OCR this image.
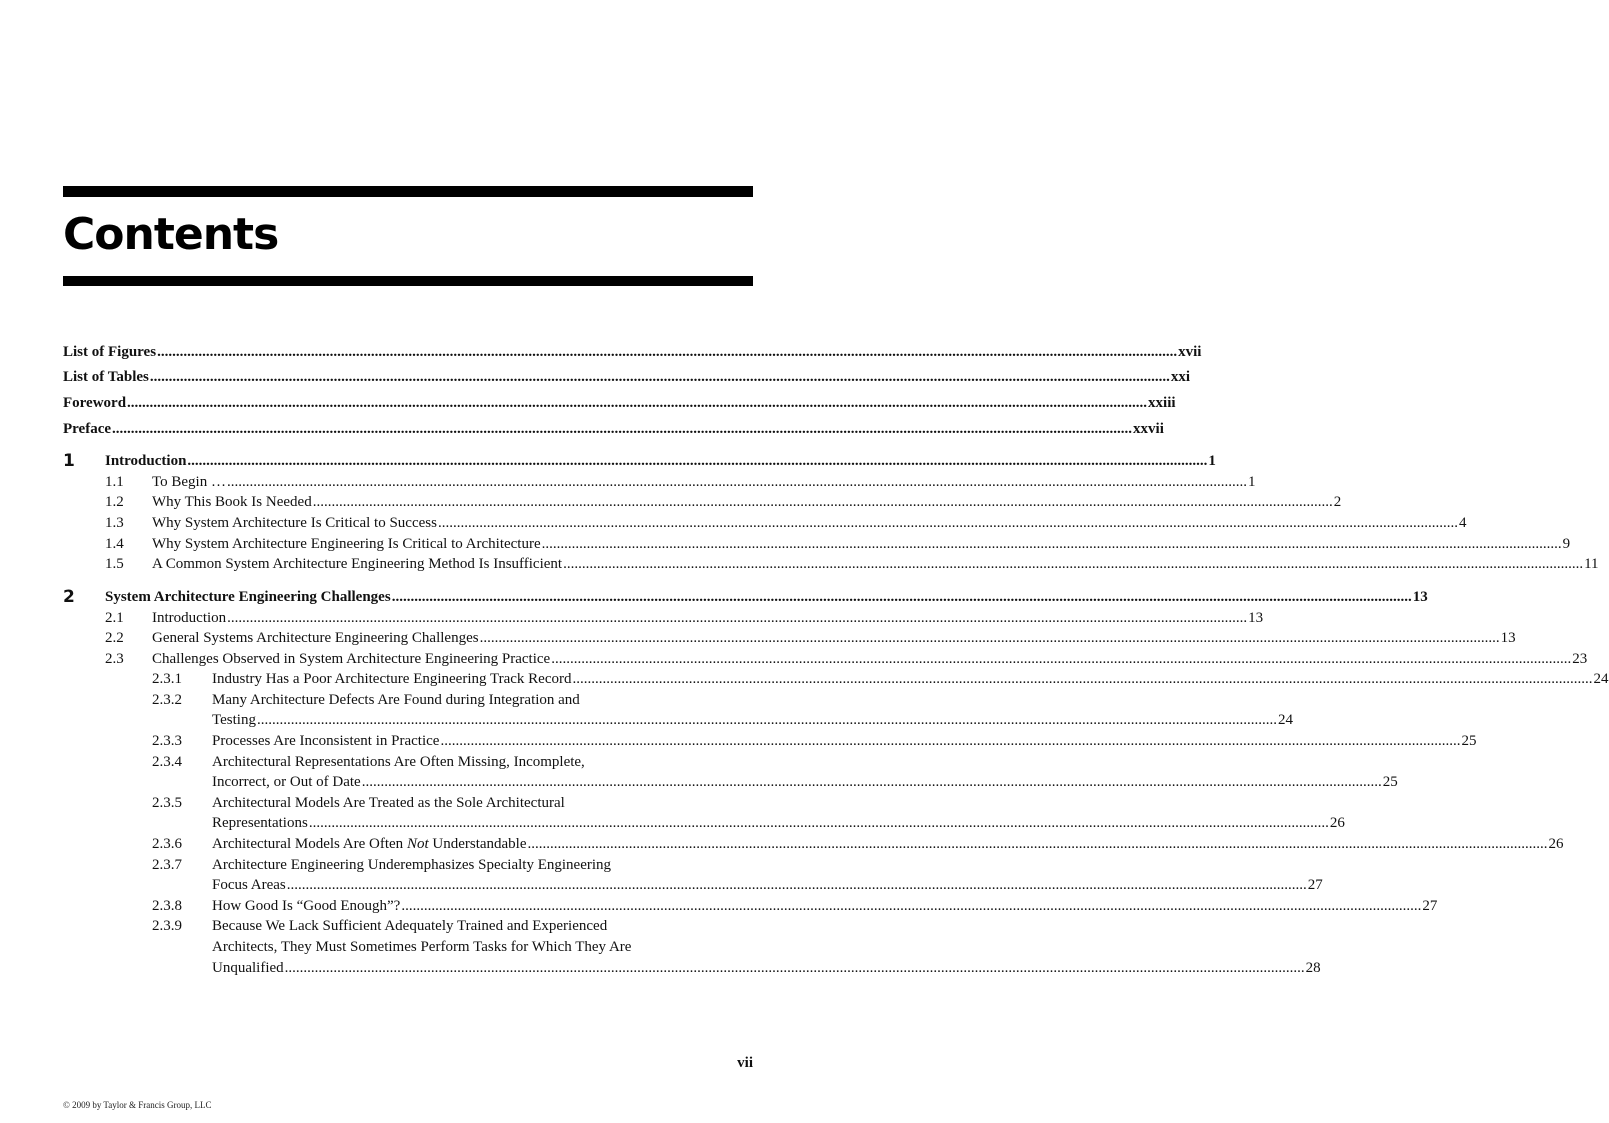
Contents
List of Figures .....	xvii
List of Tables .....	xxi
Foreword .....	xxiii
Preface .....	xxvii
1 Introduction .....	1
1.1 To Begin … .....	1
1.2 Why This Book Is Needed .....	2
1.3 Why System Architecture Is Critical to Success .....	4
1.4 Why System Architecture Engineering Is Critical to Architecture .....	9
1.5 A Common System Architecture Engineering Method Is Insufficient .....	11
2 System Architecture Engineering Challenges .....	13
2.1 Introduction .....	13
2.2 General Systems Architecture Engineering Challenges .....	13
2.3 Challenges Observed in System Architecture Engineering Practice .....	23
2.3.1 Industry Has a Poor Architecture Engineering Track Record .....	24
2.3.2 Many Architecture Defects Are Found during Integration and
Testing .....	24
2.3.3 Processes Are Inconsistent in Practice .....	25
2.3.4 Architectural Representations Are Often Missing, Incomplete,
Incorrect, or Out of Date .....	25
2.3.5 Architectural Models Are Treated as the Sole Architectural
Representations .....	26
2.3.6 Architectural Models Are Often Not Understandable .....	26
2.3.7 Architecture Engineering Underemphasizes Specialty Engineering
Focus Areas .....	27
2.3.8 How Good Is “Good Enough”? .....	27
2.3.9 Because We Lack Sufficient Adequately Trained and Experienced
Architects, They Must Sometimes Perform Tasks for Which They Are
Unqualified .....	28
vii
© 2009 by Taylor & Francis Group, LLC
